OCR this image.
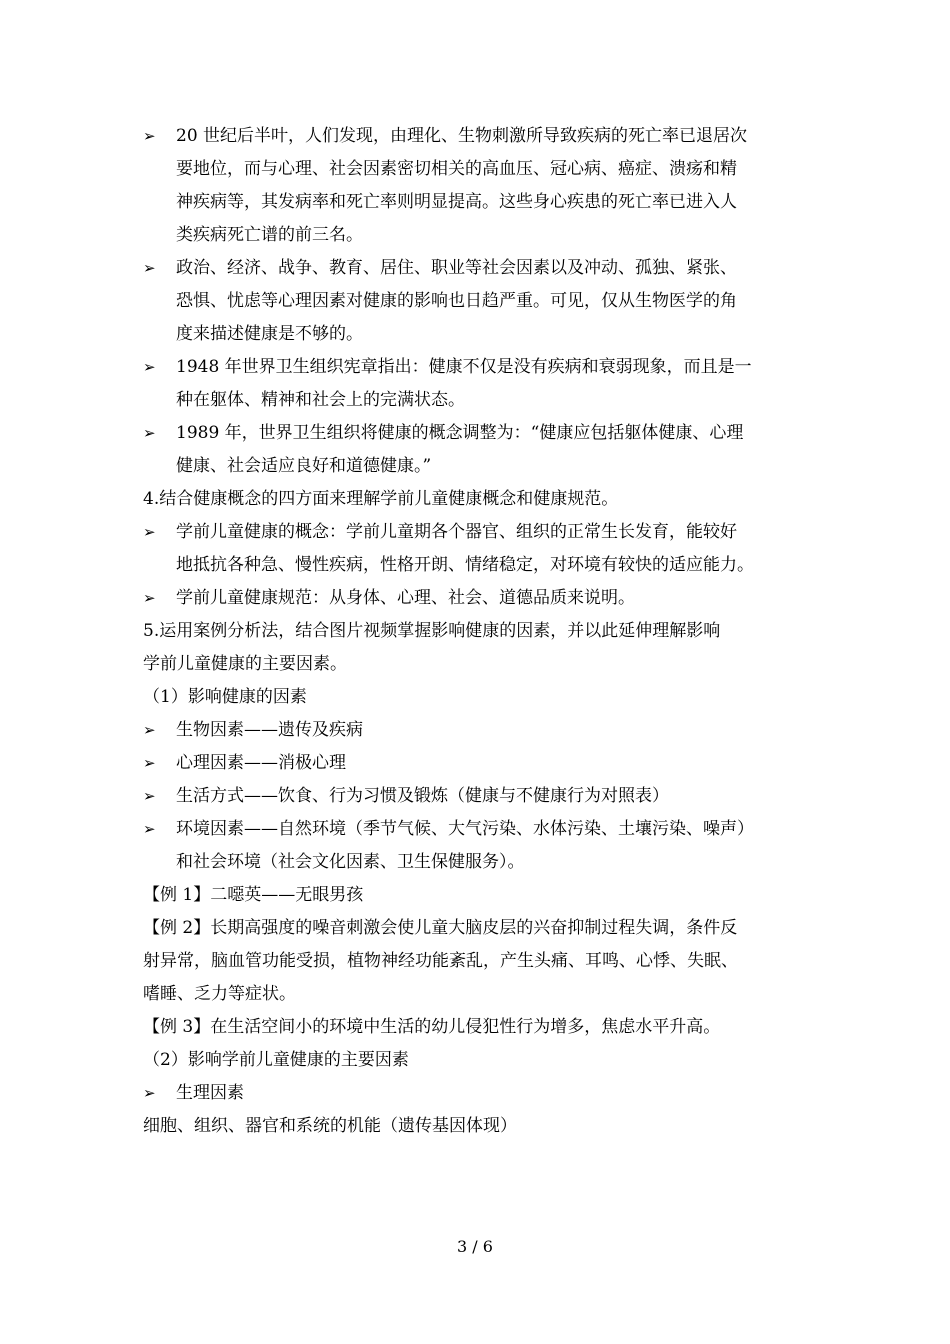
➢	20 世纪后半叶，人们发现，由理化、生物刺激所导致疾病的死亡率已退居次
要地位，而与心理、社会因素密切相关的高血压、冠心病、癌症、溃疡和精
神疾病等，其发病率和死亡率则明显提高。这些身心疾患的死亡率已进入人
类疾病死亡谱的前三名。
➢	政治、经济、战争、教育、居住、职业等社会因素以及冲动、孤独、紧张、
恐惧、忧虑等心理因素对健康的影响也日趋严重。可见，仅从生物医学的角
度来描述健康是不够的。
➢	1948 年世界卫生组织宪章指出：健康不仅是没有疾病和衰弱现象，而且是一
种在躯体、精神和社会上的完满状态。
➢	1989 年，世界卫生组织将健康的概念调整为：“健康应包括躯体健康、心理
健康、社会适应良好和道德健康。”
4.结合健康概念的四方面来理解学前儿童健康概念和健康规范。
➢	学前儿童健康的概念：学前儿童期各个器官、组织的正常生长发育，能较好
地抵抗各种急、慢性疾病，性格开朗、情绪稳定，对环境有较快的适应能力。
➢	学前儿童健康规范：从身体、心理、社会、道德品质来说明。
5.运用案例分析法，结合图片视频掌握影响健康的因素，并以此延伸理解影响
学前儿童健康的主要因素。
（1）影响健康的因素
➢	生物因素——遗传及疾病
➢	心理因素——消极心理
➢	生活方式——饮食、行为习惯及锻炼（健康与不健康行为对照表）
➢	环境因素——自然环境（季节气候、大气污染、水体污染、土壤污染、噪声）
和社会环境（社会文化因素、卫生保健服务）。
【例 1】二噁英——无眼男孩
【例 2】长期高强度的噪音刺激会使儿童大脑皮层的兴奋抑制过程失调，条件反
射异常，脑血管功能受损，植物神经功能紊乱，产生头痛、耳鸣、心悸、失眠、
嗜睡、乏力等症状。
【例 3】在生活空间小的环境中生活的幼儿侵犯性行为增多，焦虑水平升高。
（2）影响学前儿童健康的主要因素
➢	生理因素
细胞、组织、器官和系统的机能（遗传基因体现）
3 / 6
